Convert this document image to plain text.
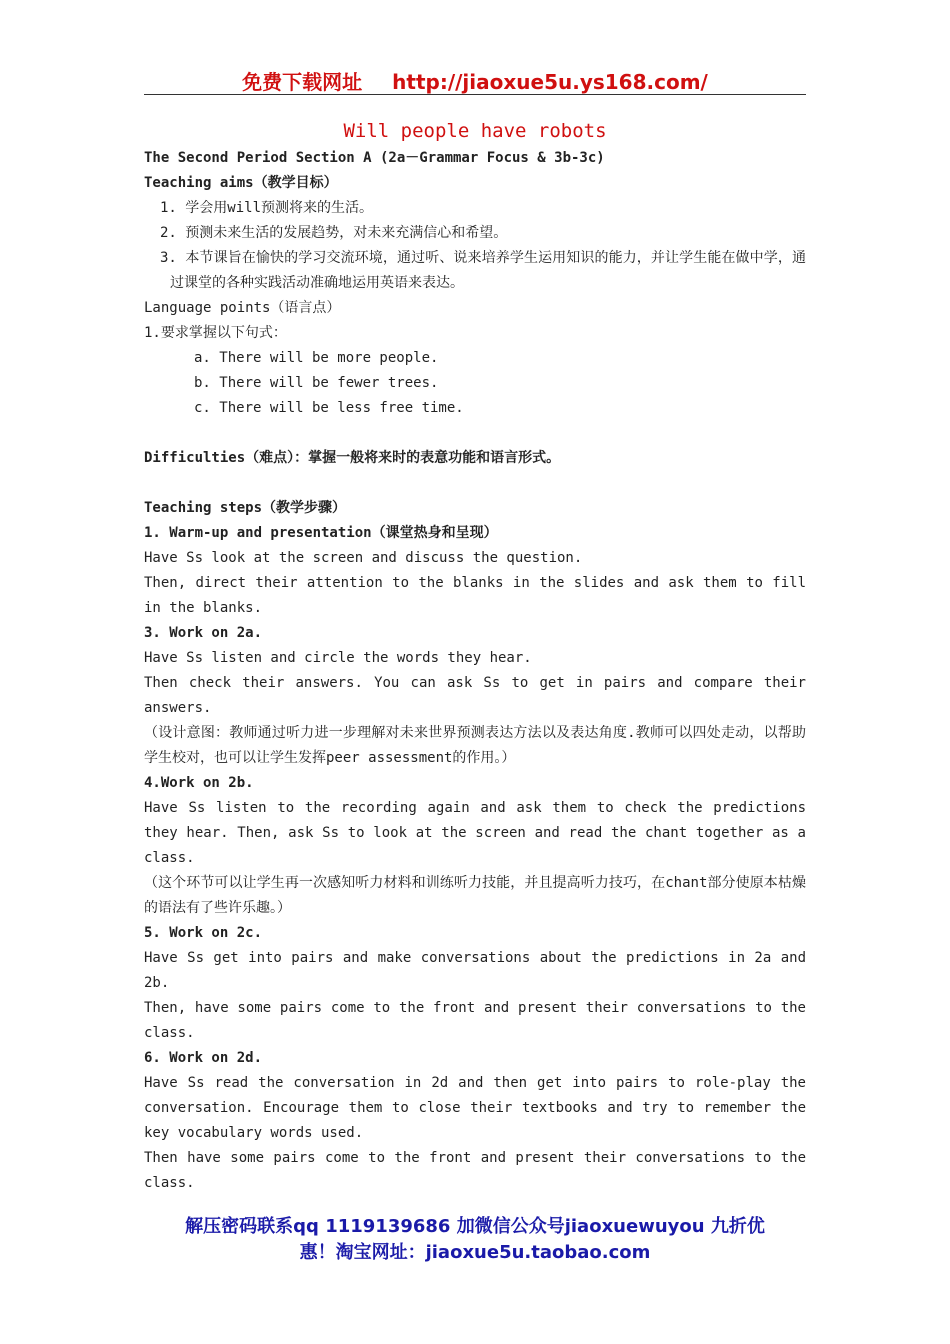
免费下载网址 http://jiaoxue5u.ys168.com/
Will people have robots
The Second Period Section A (2a－Grammar Focus & 3b-3c)
Teaching aims（教学目标）
1. 学会用will预测将来的生活。
2. 预测未来生活的发展趋势，对未来充满信心和希望。
3. 本节课旨在愉快的学习交流环境，通过听、说来培养学生运用知识的能力，并让学生能在做中学，通过课堂的各种实践活动准确地运用英语来表达。
Language points（语言点）
1.要求掌握以下句式：
a. There will be more people.
b. There will be fewer trees.
c. There will be less free time.
Difficulties（难点）：掌握一般将来时的表意功能和语言形式。
Teaching steps（教学步骤）
1. Warm-up and presentation（课堂热身和呈现）
Have Ss look at the screen and discuss the question.
Then, direct their attention to the blanks in the slides and ask them to fill in the blanks.
3. Work on 2a.
Have Ss listen and circle the words they hear.
Then check their answers. You can ask Ss to get in pairs and compare their answers.
（设计意图：教师通过听力进一步理解对未来世界预测表达方法以及表达角度.教师可以四处走动，以帮助学生校对，也可以让学生发挥peer assessment的作用。）
4.Work on 2b.
Have Ss listen to the recording again and ask them to check the predictions they hear. Then, ask Ss to look at the screen and read the chant together as a class.
（这个环节可以让学生再一次感知听力材料和训练听力技能，并且提高听力技巧，在chant部分使原本枯燥的语法有了些许乐趣。）
5. Work on 2c.
Have Ss get into pairs and make conversations about the predictions in 2a and 2b.
Then, have some pairs come to the front and present their conversations to the class.
6. Work on 2d.
Have Ss read the conversation in 2d and then get into pairs to role-play the conversation. Encourage them to close their textbooks and try to remember the key vocabulary words used.
Then have some pairs come to the front and present their conversations to the class.
解压密码联系qq 1119139686 加微信公众号jiaoxuewuyou 九折优
惠！淘宝网址：jiaoxue5u.taobao.com
